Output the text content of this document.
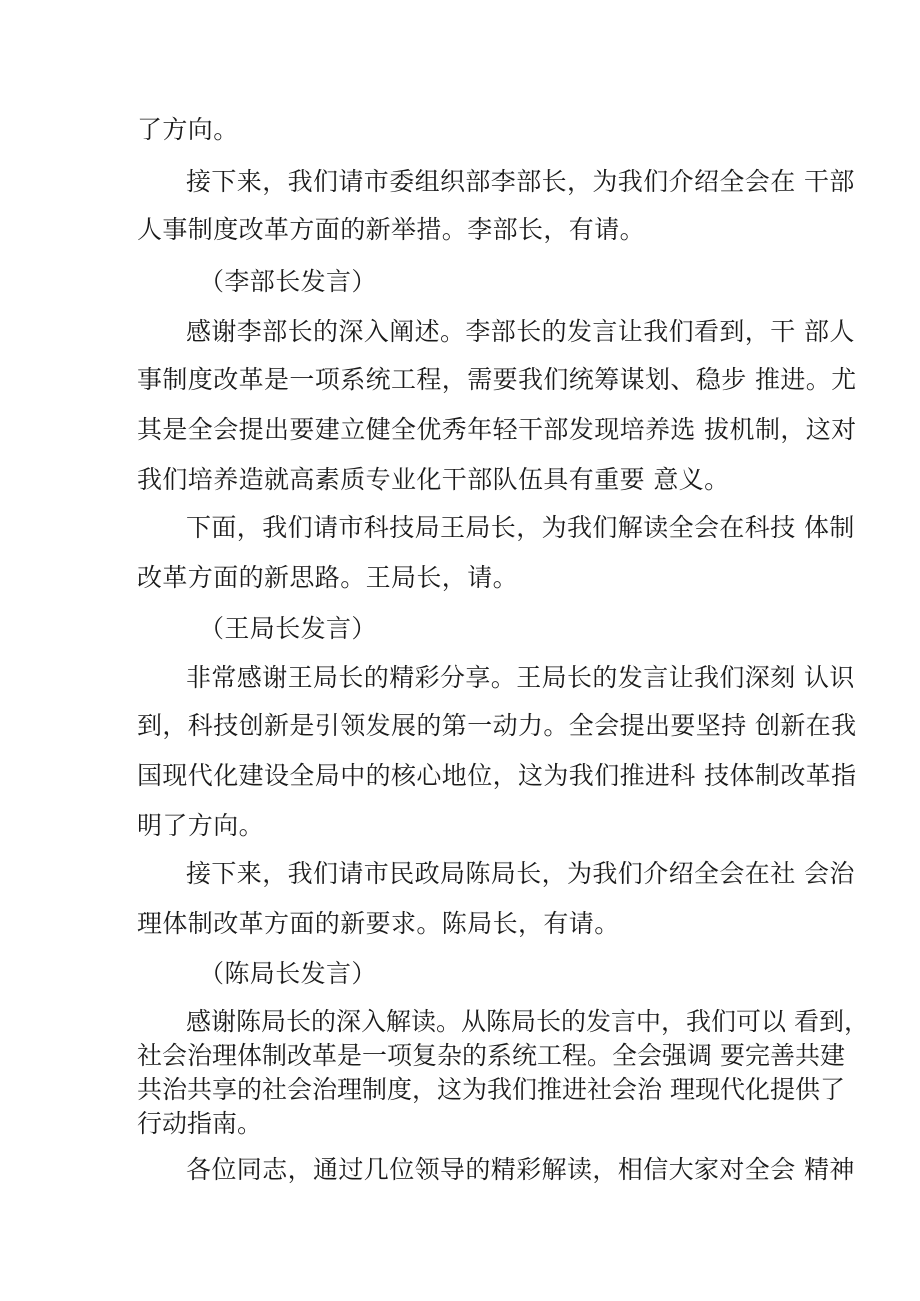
了方向。
接下来，我们请市委组织部李部长，为我们介绍全会在 干部
人事制度改革方面的新举措。李部长，有请。
（李部长发言）
感谢李部长的深入阐述。李部长的发言让我们看到，干 部人
事制度改革是一项系统工程，需要我们统筹谋划、稳步 推进。尤
其是全会提出要建立健全优秀年轻干部发现培养选 拔机制，这对
我们培养造就高素质专业化干部队伍具有重要 意义。
下面，我们请市科技局王局长，为我们解读全会在科技 体制
改革方面的新思路。王局长，请。
（王局长发言）
非常感谢王局长的精彩分享。王局长的发言让我们深刻 认识
到，科技创新是引领发展的第一动力。全会提出要坚持 创新在我
国现代化建设全局中的核心地位，这为我们推进科 技体制改革指
明了方向。
接下来，我们请市民政局陈局长，为我们介绍全会在社 会治
理体制改革方面的新要求。陈局长，有请。
（陈局长发言）
感谢陈局长的深入解读。从陈局长的发言中，我们可以 看到，
社会治理体制改革是一项复杂的系统工程。全会强调 要完善共建
共治共享的社会治理制度，这为我们推进社会治 理现代化提供了
行动指南。
各位同志，通过几位领导的精彩解读，相信大家对全会 精神
